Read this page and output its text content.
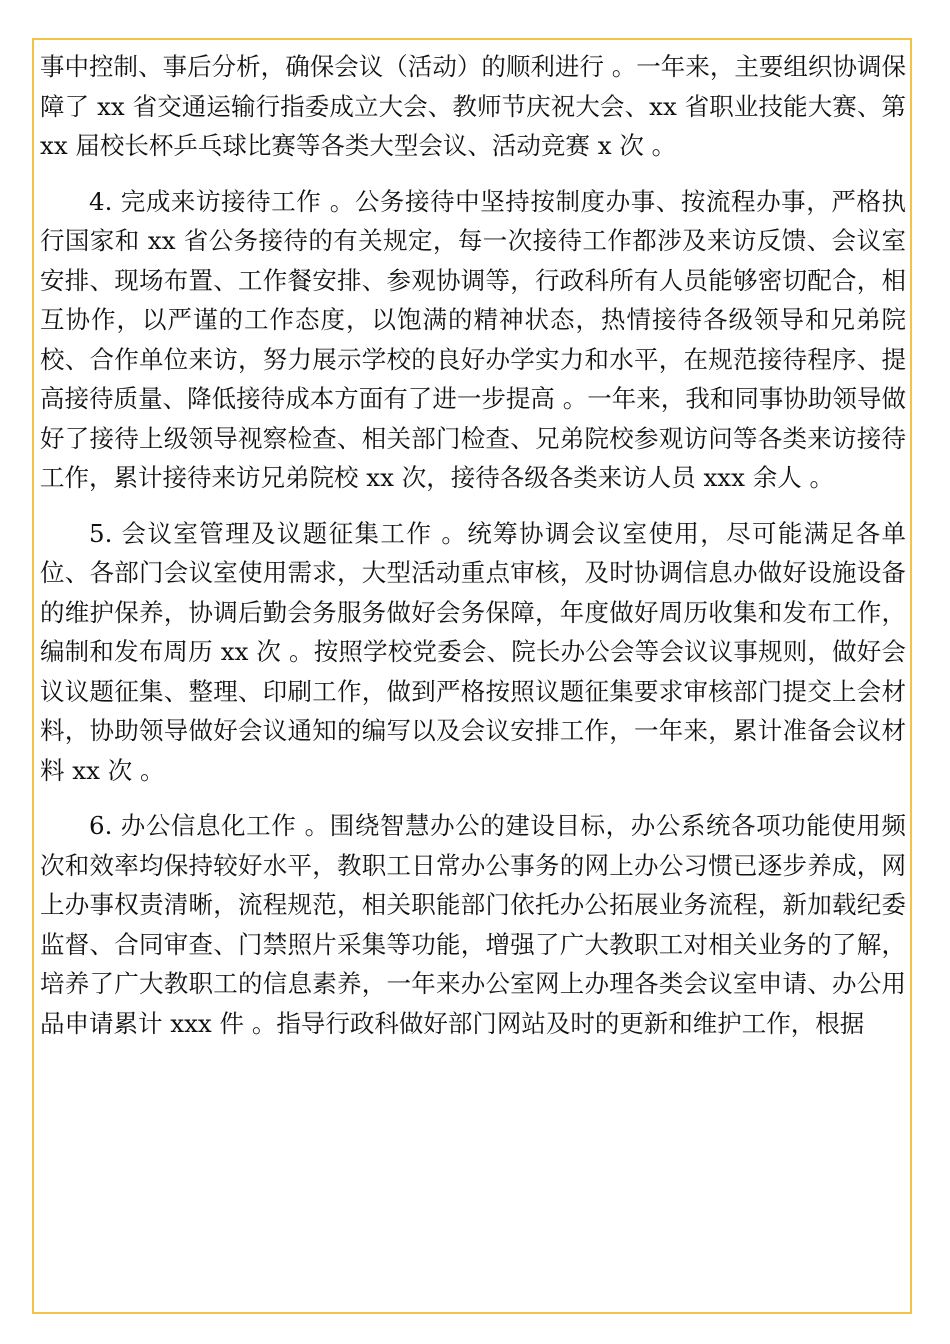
事中控制、事后分析，确保会议（活动）的顺利进行 。一年来，主要组织协调保障了 xx 省交通运输行指委成立大会、教师节庆祝大会、xx 省职业技能大赛、第 xx 届校长杯乒乓球比赛等各类大型会议、活动竞赛 x 次 。

4. 完成来访接待工作 。公务接待中坚持按制度办事、按流程办事，严格执行国家和 xx 省公务接待的有关规定，每一次接待工作都涉及来访反馈、会议室安排、现场布置、工作餐安排、参观协调等，行政科所有人员能够密切配合，相互协作，以严谨的工作态度，以饱满的精神状态，热情接待各级领导和兄弟院校、合作单位来访，努力展示学校的良好办学实力和水平，在规范接待程序、提高接待质量、降低接待成本方面有了进一步提高 。一年来，我和同事协助领导做好了接待上级领导视察检查、相关部门检查、兄弟院校参观访问等各类来访接待工作，累计接待来访兄弟院校 xx 次，接待各级各类来访人员 xxx 余人 。

5. 会议室管理及议题征集工作 。统筹协调会议室使用，尽可能满足各单位、各部门会议室使用需求，大型活动重点审核，及时协调信息办做好设施设备的维护保养，协调后勤会务服务做好会务保障，年度做好周历收集和发布工作，编制和发布周历 xx 次 。按照学校党委会、院长办公会等会议议事规则，做好会议议题征集、整理、印刷工作，做到严格按照议题征集要求审核部门提交上会材料，协助领导做好会议通知的编写以及会议安排工作，一年来，累计准备会议材料 xx 次 。

6. 办公信息化工作 。围绕智慧办公的建设目标，办公系统各项功能使用频次和效率均保持较好水平，教职工日常办公事务的网上办公习惯已逐步养成，网上办事权责清晰，流程规范，相关职能部门依托办公拓展业务流程，新加载纪委监督、合同审查、门禁照片采集等功能，增强了广大教职工对相关业务的了解，培养了广大教职工的信息素养，一年来办公室网上办理各类会议室申请、办公用品申请累计 xxx 件 。指导行政科做好部门网站及时的更新和维护工作，根据
